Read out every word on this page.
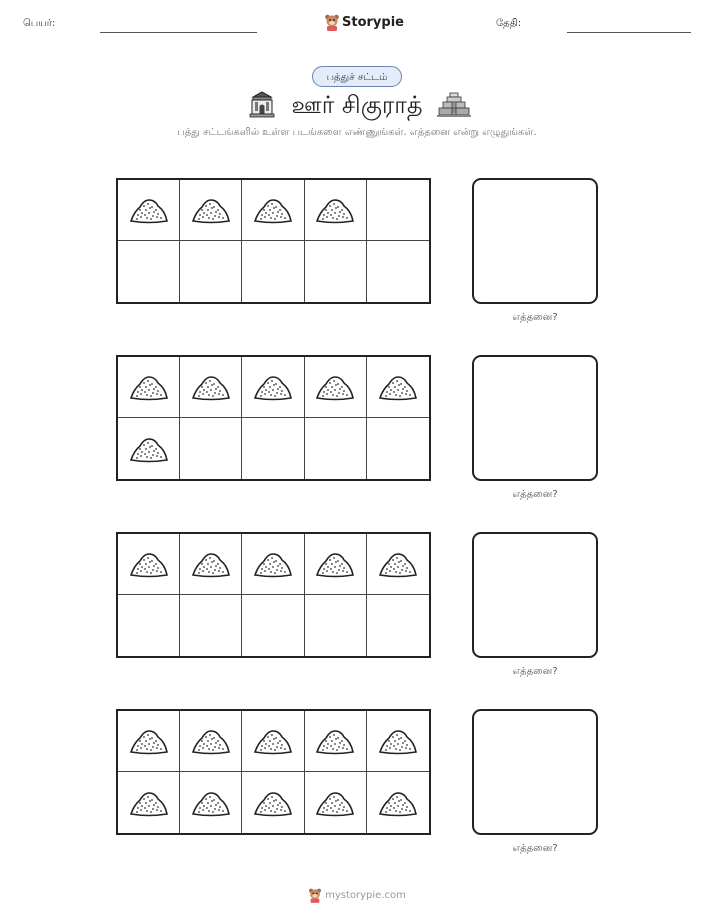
பெயர்:	Storypie	தேதி:
பத்துச் சட்டம்
ஊர் சிகுராத்
பத்து சட்டங்களில் உள்ள படங்களை எண்ணுங்கள். எத்தனை என்று எழுதுங்கள்.
எத்தனை?
எத்தனை?
எத்தனை?
எத்தனை?
mystorypie.com
